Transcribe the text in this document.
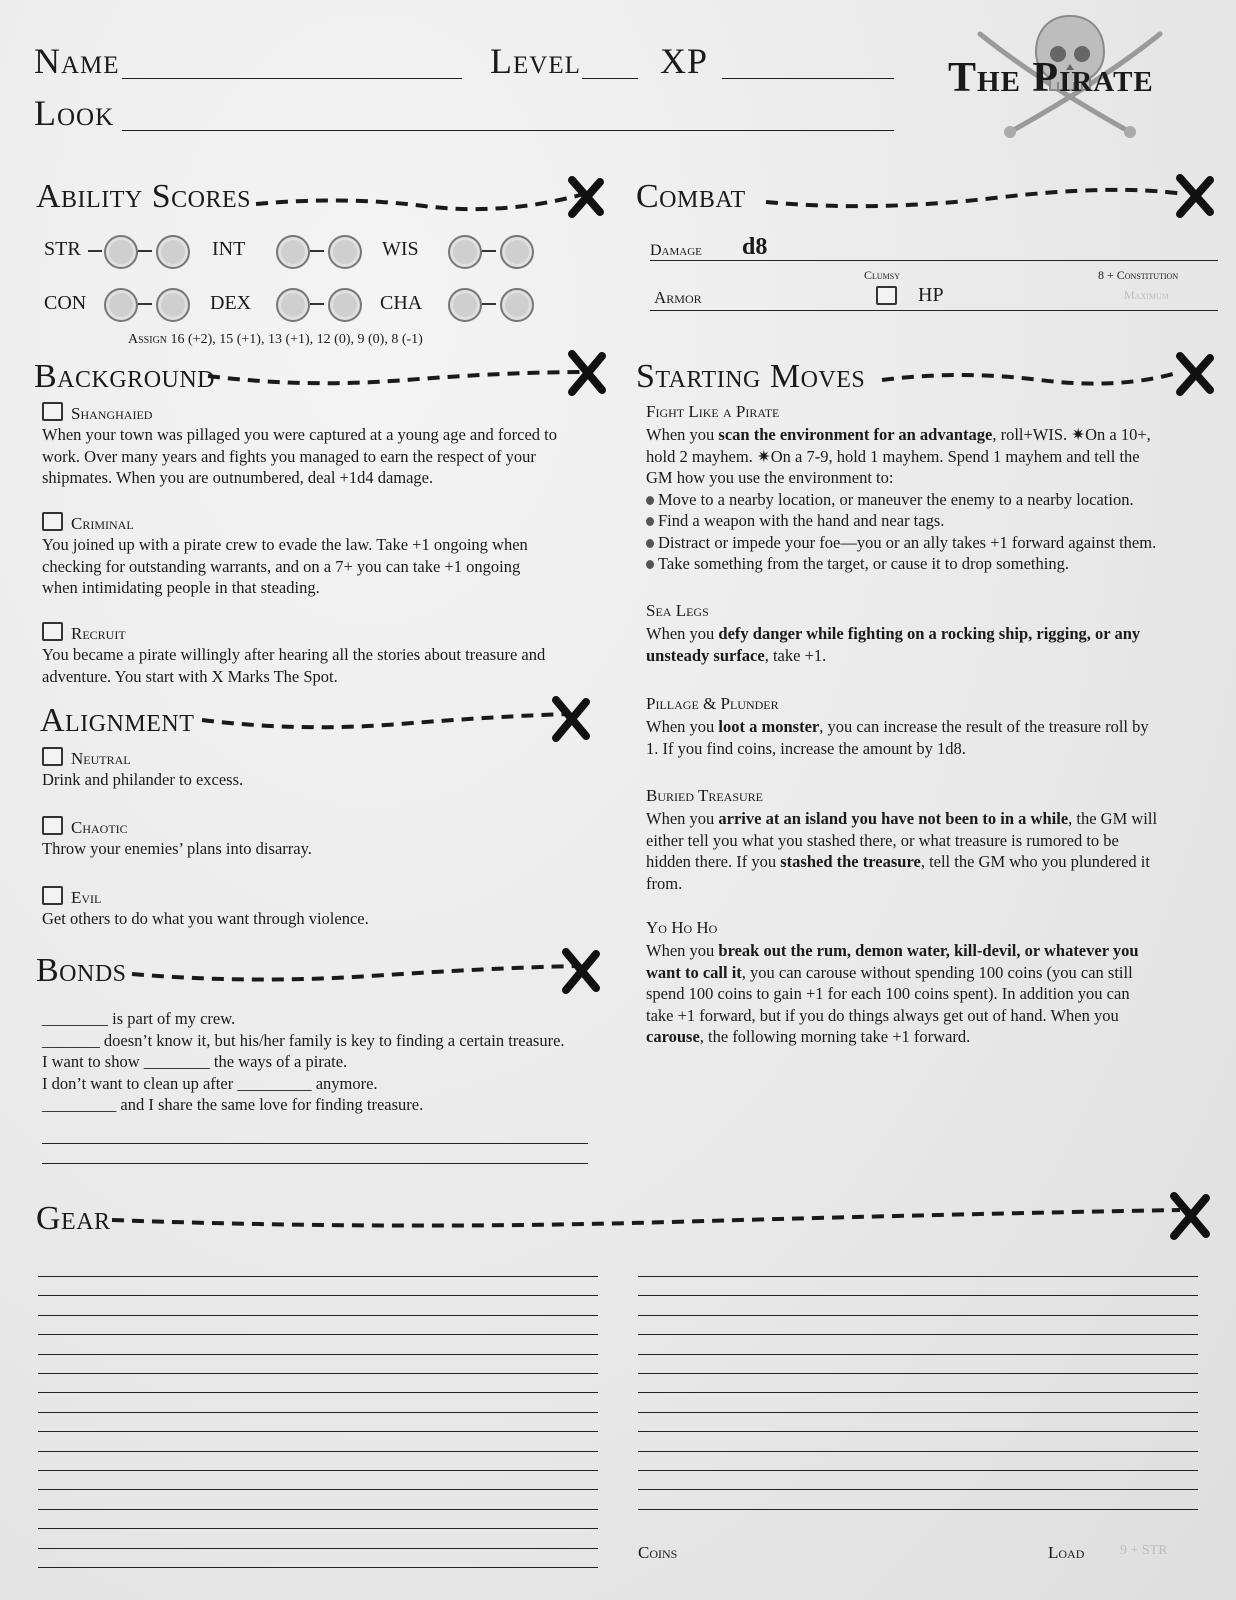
Name	Level XP
Look
The Pirate
Ability Scores
STR	INT	WIS
CON	DEX	CHA
Assign 16 (+2), 15 (+1), 13 (+1), 12 (0), 9 (0), 8 (-1)
Combat
Damage d8
Clumsy	8 + Constitution
Armor	HP	Maximum
Background
Shanghaied
When your town was pillaged you were captured at a young age and forced to
work. Over many years and fights you managed to earn the respect of your
shipmates. When you are outnumbered, deal +1d4 damage.
Criminal
You joined up with a pirate crew to evade the law. Take +1 ongoing when
checking for outstanding warrants, and on a 7+ you can take +1 ongoing
when intimidating people in that steading.
Recruit
You became a pirate willingly after hearing all the stories about treasure and
adventure. You start with X Marks The Spot.
Alignment
Neutral
Drink and philander to excess.
Chaotic
Throw your enemies’ plans into disarray.
Evil
Get others to do what you want through violence.
Bonds
________ is part of my crew.
_______ doesn’t know it, but his/her family is key to finding a certain treasure.
I want to show ________ the ways of a pirate.
I don’t want to clean up after _________ anymore.
_________ and I share the same love for finding treasure.
Starting Moves
Fight Like a Pirate
When you scan the environment for an advantage, roll+WIS. ✷On a 10+,
hold 2 mayhem. ✷On a 7-9, hold 1 mayhem. Spend 1 mayhem and tell the
GM how you use the environment to:
Move to a nearby location, or maneuver the enemy to a nearby location.
Find a weapon with the hand and near tags.
Distract or impede your foe—you or an ally takes +1 forward against them.
Take something from the target, or cause it to drop something.
Sea Legs
When you defy danger while fighting on a rocking ship, rigging, or any
unsteady surface, take +1.
Pillage & Plunder
When you loot a monster, you can increase the result of the treasure roll by
1. If you find coins, increase the amount by 1d8.
Buried Treasure
When you arrive at an island you have not been to in a while, the GM will
either tell you what you stashed there, or what treasure is rumored to be
hidden there. If you stashed the treasure, tell the GM who you plundered it
from.
Yo Ho Ho
When you break out the rum, demon water, kill-devil, or whatever you
want to call it, you can carouse without spending 100 coins (you can still
spend 100 coins to gain +1 for each 100 coins spent). In addition you can
take +1 forward, but if you do things always get out of hand. When you
carouse, the following morning take +1 forward.
Gear
Coins	Load	9 + STR
